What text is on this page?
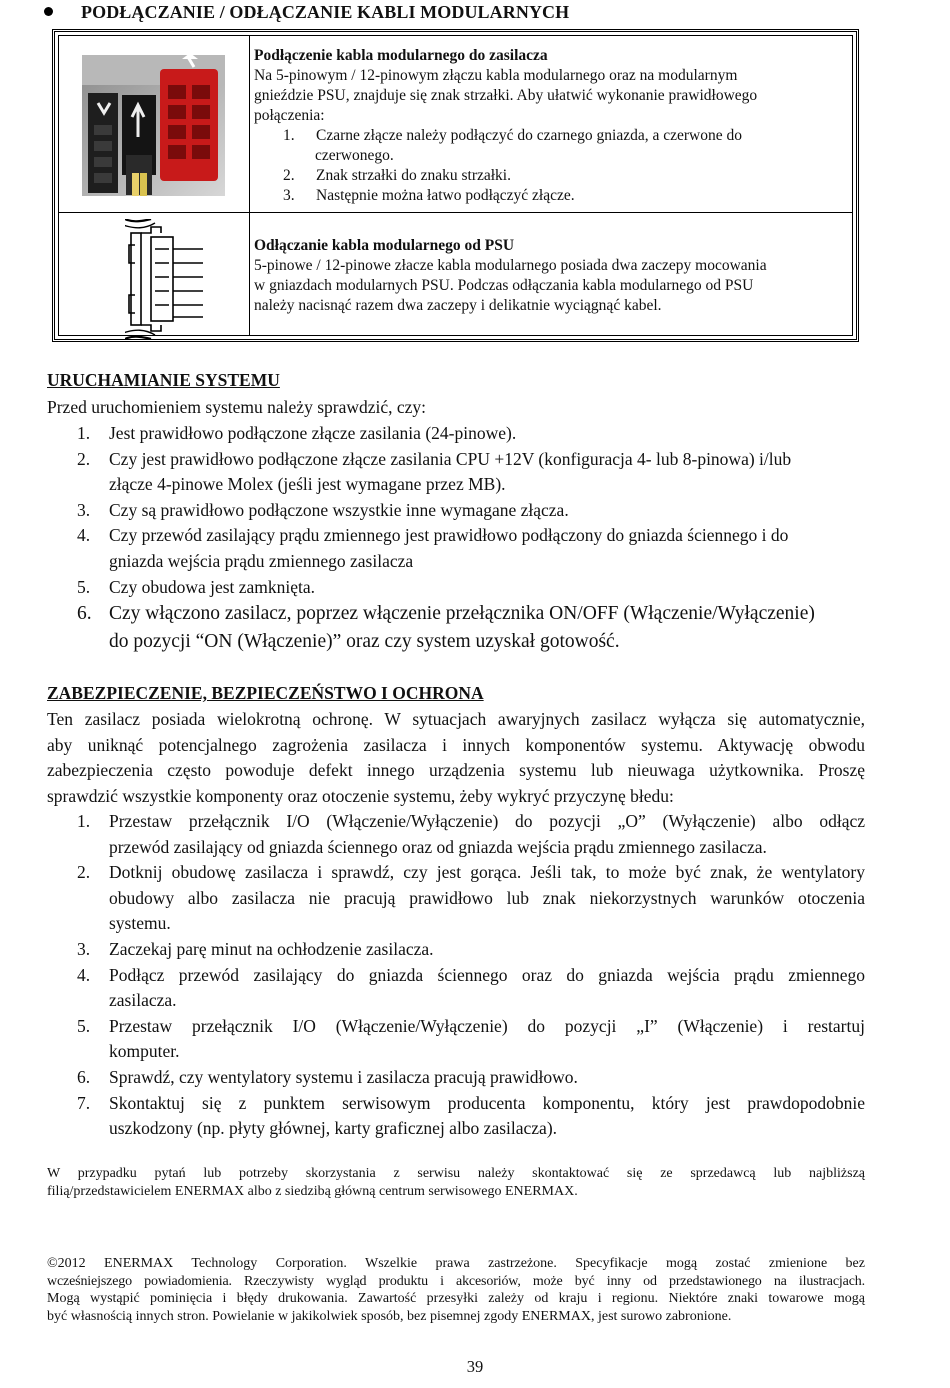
PODŁĄCZANIE / ODŁĄCZANIE KABLI MODULARNYCH
Podłączenie kabla modularnego do zasilacza
Na 5-pinowym / 12-pinowym złączu kabla modularnego oraz na modularnym
gnieździe PSU, znajduje się znak strzałki. Aby ułatwić wykonanie prawidłowego
połączenia:
1. Czarne złącze należy podłączyć do czarnego gniazda, a czerwone do
czerwonego.
2. Znak strzałki do znaku strzałki.
3. Następnie można łatwo podłączyć złącze.
Odłączanie kabla modularnego od PSU
5-pinowe / 12-pinowe złacze kabla modularnego posiada dwa zaczepy mocowania
w gniazdach modularnych PSU. Podczas odłączania kabla modularnego od PSU
należy nacisnąć razem dwa zaczepy i delikatnie wyciągnąć kabel.
URUCHAMIANIE SYSTEMU
Przed uruchomieniem systemu należy sprawdzić, czy:
1. Jest prawidłowo podłączone złącze zasilania (24-pinowe).
2. Czy jest prawidłowo podłączone złącze zasilania CPU +12V (konfiguracja 4- lub 8-pinowa) i/lub
złącze 4-pinowe Molex (jeśli jest wymagane przez MB).
3. Czy są prawidłowo podłączone wszystkie inne wymagane złącza.
4. Czy przewód zasilający prądu zmiennego jest prawidłowo podłączony do gniazda ściennego i do
gniazda wejścia prądu zmiennego zasilacza
5. Czy obudowa jest zamknięta.
6. Czy włączono zasilacz, poprzez włączenie przełącznika ON/OFF (Włączenie/Wyłączenie)
do pozycji “ON (Włączenie)” oraz czy system uzyskał gotowość.
ZABEZPIECZENIE, BEZPIECZEŃSTWO I OCHRONA
Ten zasilacz posiada wielokrotną ochronę. W sytuacjach awaryjnych zasilacz wyłącza się automatycznie,
aby uniknąć potencjalnego zagrożenia zasilacza i innych komponentów systemu. Aktywację obwodu
zabezpieczenia często powoduje defekt innego urządzenia systemu lub nieuwaga użytkownika. Proszę
sprawdzić wszystkie komponenty oraz otoczenie systemu, żeby wykryć przyczynę błedu:
1. Przestaw przełącznik I/O (Włączenie/Wyłączenie) do pozycji „O” (Wyłączenie) albo odłącz
przewód zasilający od gniazda ściennego oraz od gniazda wejścia prądu zmiennego zasilacza.
2. Dotknij obudowę zasilacza i sprawdź, czy jest gorąca. Jeśli tak, to może być znak, że wentylatory
obudowy albo zasilacza nie pracują prawidłowo lub znak niekorzystnych warunków otoczenia
systemu.
3. Zaczekaj parę minut na ochłodzenie zasilacza.
4. Podłącz przewód zasilający do gniazda ściennego oraz do gniazda wejścia prądu zmiennego
zasilacza.
5. Przestaw przełącznik I/O (Włączenie/Wyłączenie) do pozycji „I” (Włączenie) i restartuj
komputer.
6. Sprawdź, czy wentylatory systemu i zasilacza pracują prawidłowo.
7. Skontaktuj się z punktem serwisowym producenta komponentu, który jest prawdopodobnie
uszkodzony (np. płyty głównej, karty graficznej albo zasilacza).
W przypadku pytań lub potrzeby skorzystania z serwisu należy skontaktować się ze sprzedawcą lub najbliższą
filią/przedstawicielem ENERMAX albo z siedzibą główną centrum serwisowego ENERMAX.
©2012 ENERMAX Technology Corporation. Wszelkie prawa zastrzeżone. Specyfikacje mogą zostać zmienione bez
wcześniejszego powiadomienia. Rzeczywisty wygląd produktu i akcesoriów, może być inny od przedstawionego na ilustracjach.
Mogą wystąpić pominięcia i błędy drukowania. Zawartość przesyłki zależy od kraju i regionu. Niektóre znaki towarowe mogą
być własnością innych stron. Powielanie w jakikolwiek sposób, bez pisemnej zgody ENERMAX, jest surowo zabronione.
39
